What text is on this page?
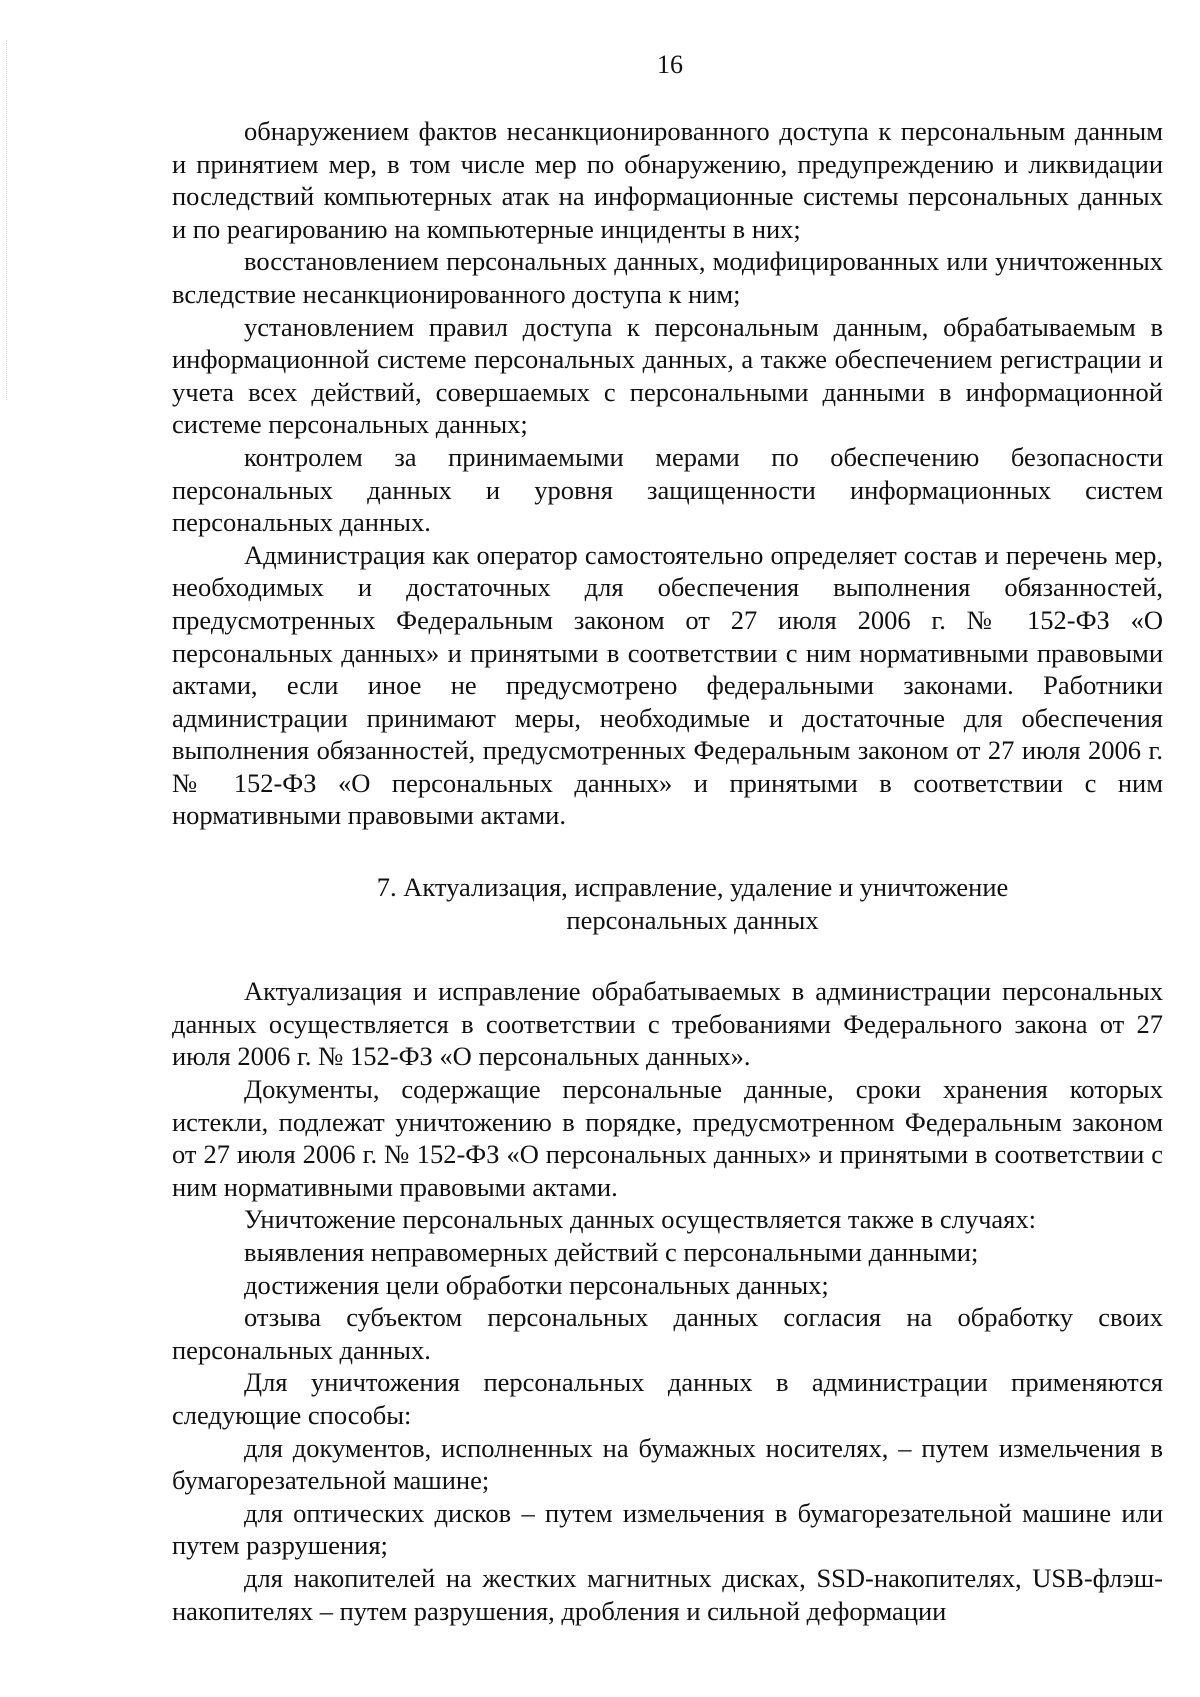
16

обнаружением фактов несанкционированного доступа к персональным данным и принятием мер, в том числе мер по обнаружению, предупреждению и ликвидации последствий компьютерных атак на информационные системы персональных данных и по реагированию на компьютерные инциденты в них;

восстановлением персональных данных, модифицированных или уничтоженных вследствие несанкционированного доступа к ним;

установлением правил доступа к персональным данным, обрабатываемым в информационной системе персональных данных, а также обеспечением регистрации и учета всех действий, совершаемых с персональными данными в информационной системе персональных данных;

контролем за принимаемыми мерами по обеспечению безопасности персональных данных и уровня защищенности информационных систем персональных данных.

Администрация как оператор самостоятельно определяет состав и перечень мер, необходимых и достаточных для обеспечения выполнения обязанностей, предусмотренных Федеральным законом от 27 июля 2006 г. № 152-ФЗ «О персональных данных» и принятыми в соответствии с ним нормативными правовыми актами, если иное не предусмотрено федеральными законами. Работники администрации принимают меры, необходимые и достаточные для обеспечения выполнения обязанностей, предусмотренных Федеральным законом от 27 июля 2006 г. № 152-ФЗ «О персональных данных» и принятыми в соответствии с ним нормативными правовыми актами.

7. Актуализация, исправление, удаление и уничтожение
персональных данных

Актуализация и исправление обрабатываемых в администрации персональных данных осуществляется в соответствии с требованиями Федерального закона от 27 июля 2006 г. № 152-ФЗ «О персональных данных».

Документы, содержащие персональные данные, сроки хранения которых истекли, подлежат уничтожению в порядке, предусмотренном Федеральным законом от 27 июля 2006 г. № 152-ФЗ «О персональных данных» и принятыми в соответствии с ним нормативными правовыми актами.

Уничтожение персональных данных осуществляется также в случаях:

выявления неправомерных действий с персональными данными;

достижения цели обработки персональных данных;

отзыва субъектом персональных данных согласия на обработку своих персональных данных.

Для уничтожения персональных данных в администрации применяются следующие способы:

для документов, исполненных на бумажных носителях, – путем измельчения в бумагорезательной машине;

для оптических дисков – путем измельчения в бумагорезательной машине или путем разрушения;

для накопителей на жестких магнитных дисках, SSD-накопителях, USB-флэш-накопителях – путем разрушения, дробления и сильной деформации
